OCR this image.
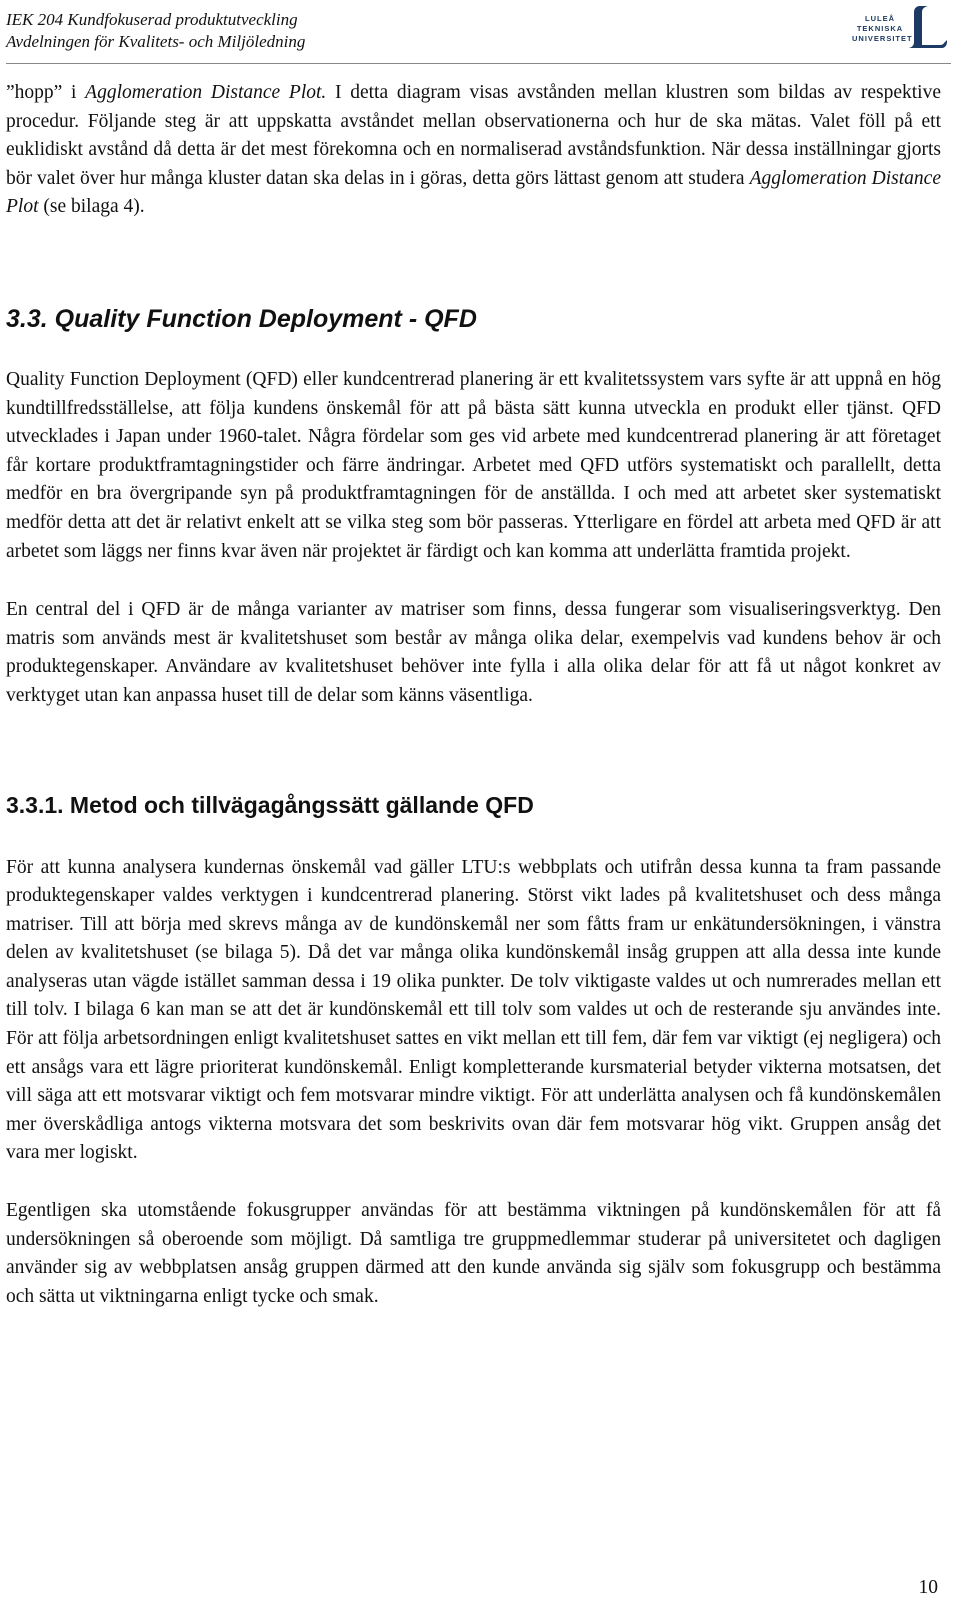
IEK 204 Kundfokuserad produktutveckling
Avdelningen för Kvalitets- och Miljöledning
LULEÅ
TEKNISKA
UNIVERSITET

”hopp” i Agglomeration Distance Plot. I detta diagram visas avstånden mellan klustren som bildas av respektive procedur. Följande steg är att uppskatta avståndet mellan observationerna och hur de ska mätas. Valet föll på ett euklidiskt avstånd då detta är det mest förekomna och en normaliserad avståndsfunktion. När dessa inställningar gjorts bör valet över hur många kluster datan ska delas in i göras, detta görs lättast genom att studera Agglomeration Distance Plot (se bilaga 4).

3.3. Quality Function Deployment - QFD

Quality Function Deployment (QFD) eller kundcentrerad planering är ett kvalitetssystem vars syfte är att uppnå en hög kundtillfredsställelse, att följa kundens önskemål för att på bästa sätt kunna utveckla en produkt eller tjänst. QFD utvecklades i Japan under 1960-talet. Några fördelar som ges vid arbete med kundcentrerad planering är att företaget får kortare produktframtagningstider och färre ändringar. Arbetet med QFD utförs systematiskt och parallellt, detta medför en bra övergripande syn på produktframtagningen för de anställda. I och med att arbetet sker systematiskt medför detta att det är relativt enkelt att se vilka steg som bör passeras. Ytterligare en fördel att arbeta med QFD är att arbetet som läggs ner finns kvar även när projektet är färdigt och kan komma att underlätta framtida projekt.

En central del i QFD är de många varianter av matriser som finns, dessa fungerar som visualiseringsverktyg. Den matris som används mest är kvalitetshuset som består av många olika delar, exempelvis vad kundens behov är och produktegenskaper. Användare av kvalitetshuset behöver inte fylla i alla olika delar för att få ut något konkret av verktyget utan kan anpassa huset till de delar som känns väsentliga.

3.3.1. Metod och tillvägagångssätt gällande QFD

För att kunna analysera kundernas önskemål vad gäller LTU:s webbplats och utifrån dessa kunna ta fram passande produktegenskaper valdes verktygen i kundcentrerad planering. Störst vikt lades på kvalitetshuset och dess många matriser. Till att börja med skrevs många av de kundönskemål ner som fåtts fram ur enkätundersökningen, i vänstra delen av kvalitetshuset (se bilaga 5). Då det var många olika kundönskemål insåg gruppen att alla dessa inte kunde analyseras utan vägde istället samman dessa i 19 olika punkter. De tolv viktigaste valdes ut och numrerades mellan ett till tolv. I bilaga 6 kan man se att det är kundönskemål ett till tolv som valdes ut och de resterande sju användes inte. För att följa arbetsordningen enligt kvalitetshuset sattes en vikt mellan ett till fem, där fem var viktigt (ej negligera) och ett ansågs vara ett lägre prioriterat kundönskemål. Enligt kompletterande kursmaterial betyder vikterna motsatsen, det vill säga att ett motsvarar viktigt och fem motsvarar mindre viktigt. För att underlätta analysen och få kundönskemålen mer överskådliga antogs vikterna motsvara det som beskrivits ovan där fem motsvarar hög vikt. Gruppen ansåg det vara mer logiskt.

Egentligen ska utomstående fokusgrupper användas för att bestämma viktningen på kundönskemålen för att få undersökningen så oberoende som möjligt. Då samtliga tre gruppmedlemmar studerar på universitetet och dagligen använder sig av webbplatsen ansåg gruppen därmed att den kunde använda sig själv som fokusgrupp och bestämma och sätta ut viktningarna enligt tycke och smak.

10
